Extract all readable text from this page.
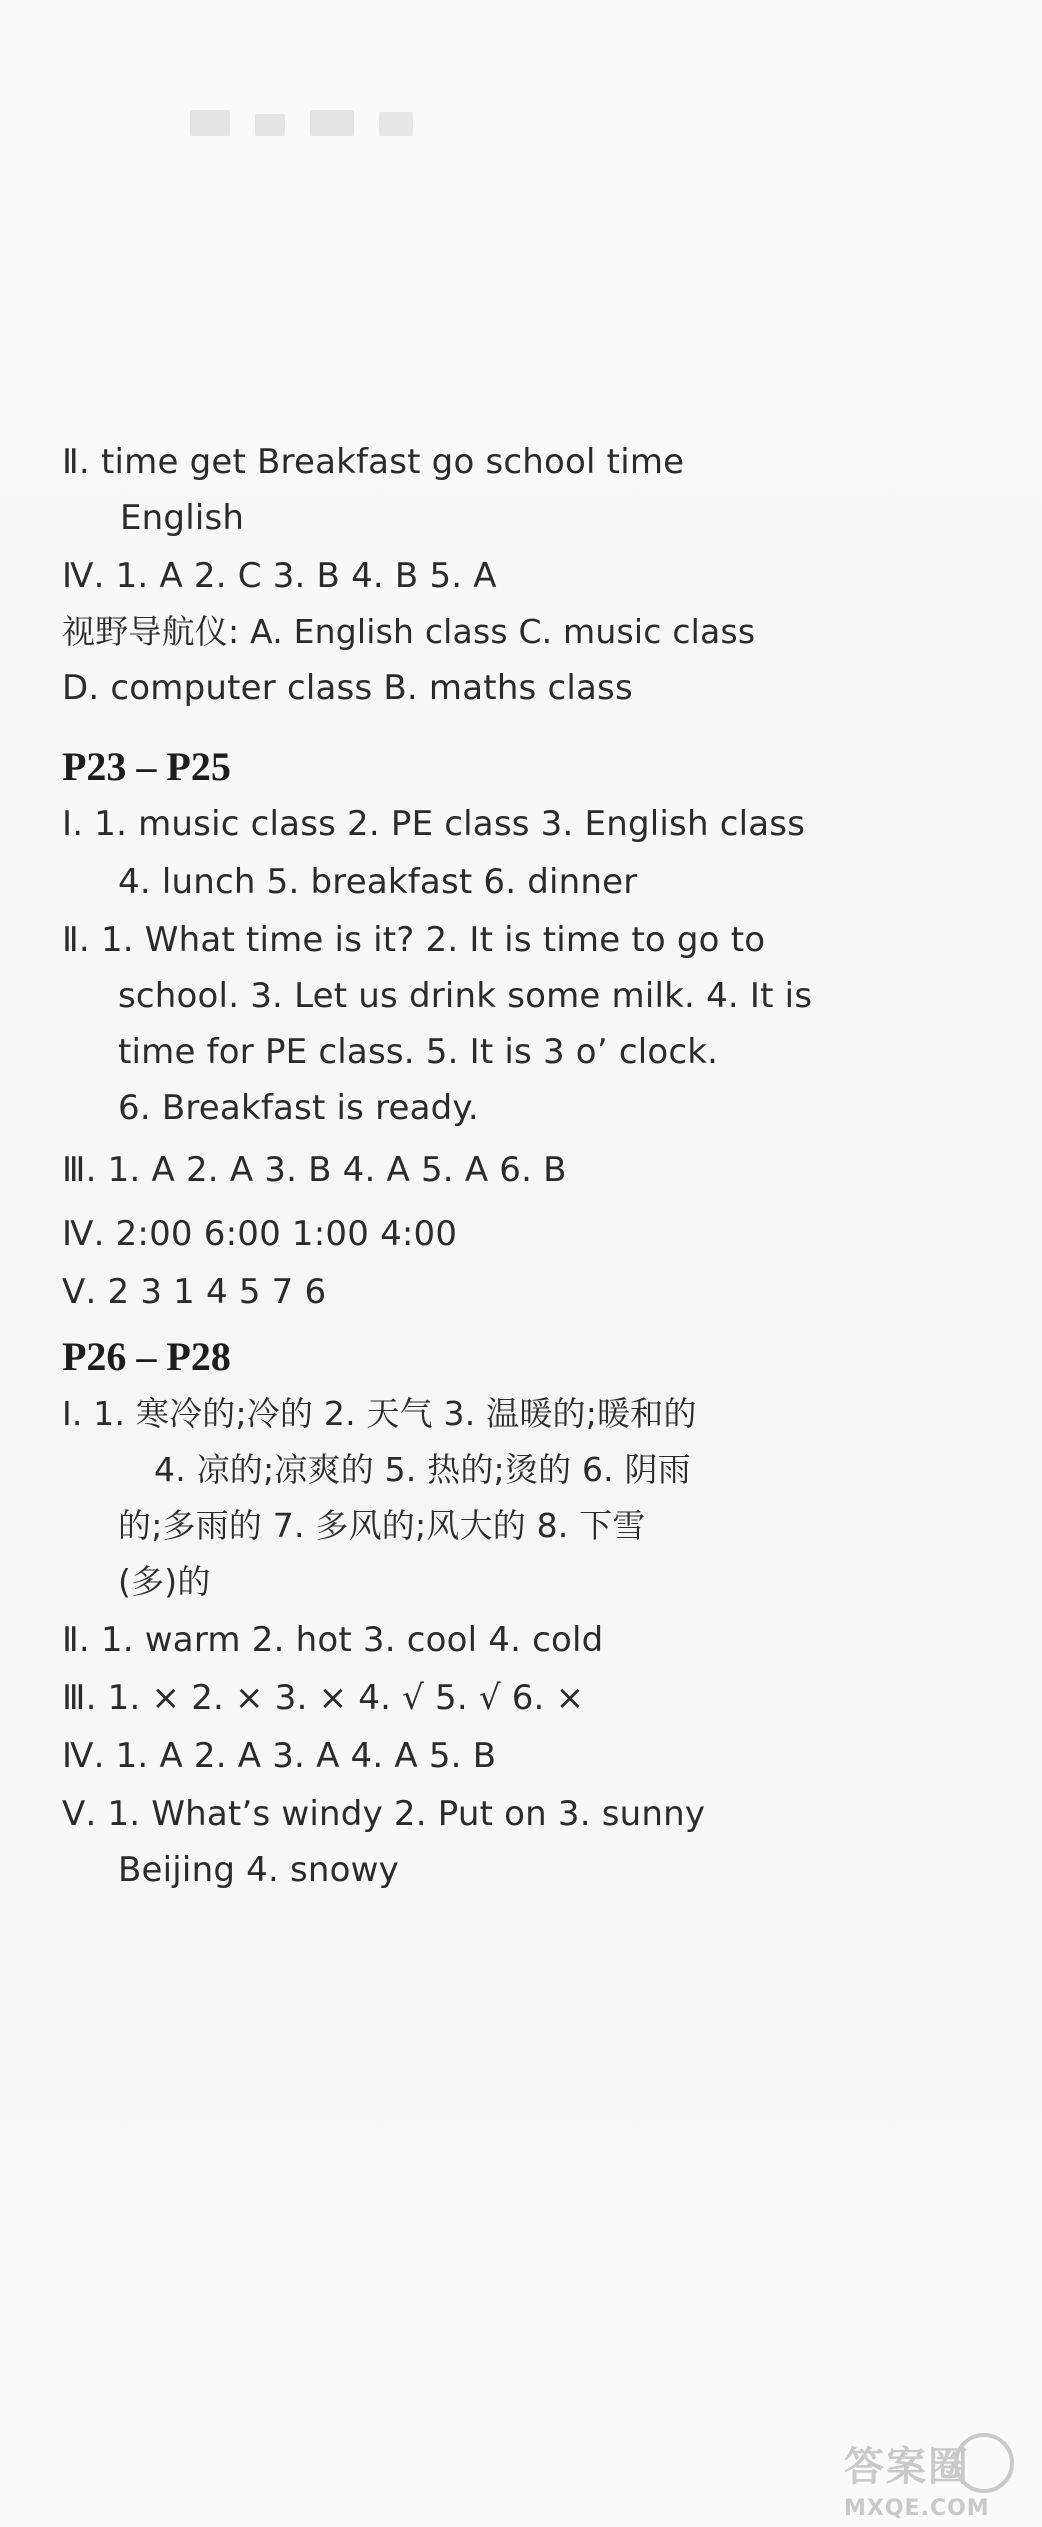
Ⅱ. time get Breakfast go school time
English
Ⅳ. 1. A 2. C 3. B 4. B 5. A
视野导航仪: A. English class C. music class
D. computer class B. maths class
P23 – P25
Ⅰ. 1. music class 2. PE class 3. English class
4. lunch 5. breakfast 6. dinner
Ⅱ. 1. What time is it? 2. It is time to go to
school. 3. Let us drink some milk. 4. It is
time for PE class. 5. It is 3 o’ clock.
6. Breakfast is ready.
Ⅲ. 1. A 2. A 3. B 4. A 5. A 6. B
Ⅳ. 2:00 6:00 1:00 4:00
Ⅴ. 2 3 1 4 5 7 6
P26 – P28
Ⅰ. 1. 寒冷的;冷的 2. 天气 3. 温暖的;暖和的
4. 凉的;凉爽的 5. 热的;烫的 6. 阴雨
的;多雨的 7. 多风的;风大的 8. 下雪
(多)的
Ⅱ. 1. warm 2. hot 3. cool 4. cold
Ⅲ. 1. × 2. × 3. × 4. √ 5. √ 6. ×
Ⅳ. 1. A 2. A 3. A 4. A 5. B
Ⅴ. 1. What’s windy 2. Put on 3. sunny
Beijing 4. snowy
答案圈
MXQE.COM
